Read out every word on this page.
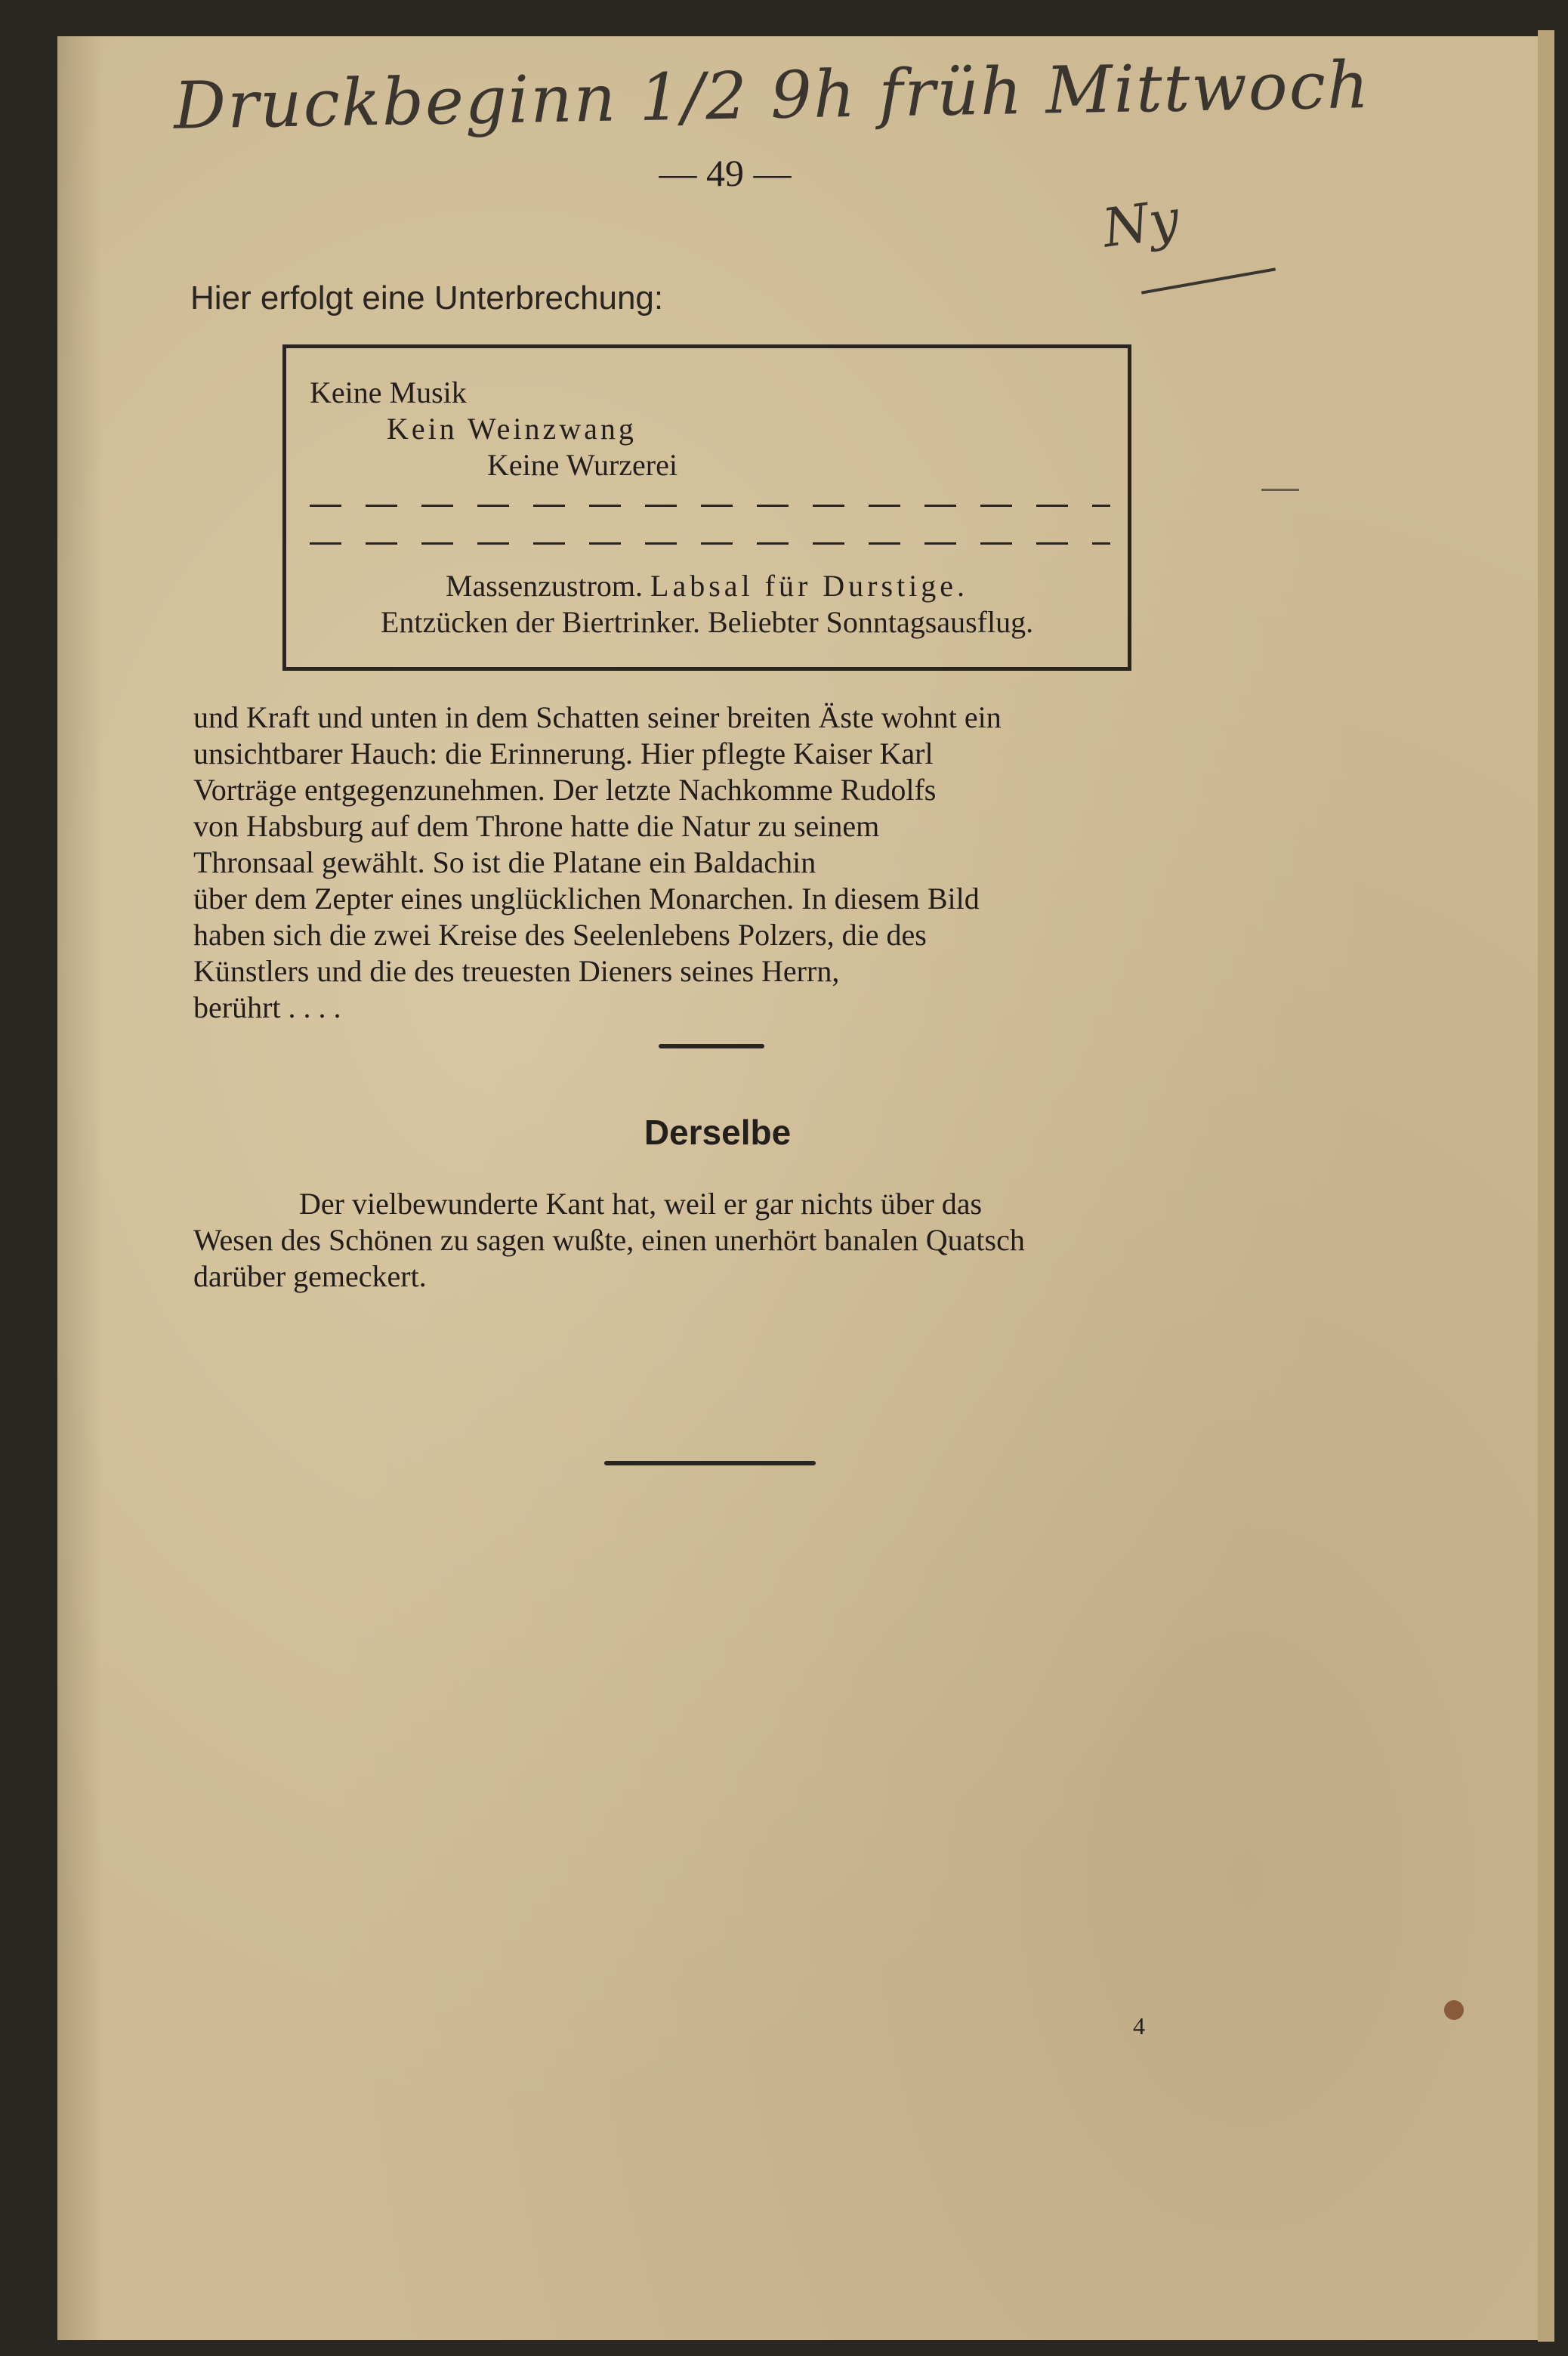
Druckbeginn 1/2 9h früh Mittwoch
Ny
— 49 —
Hier erfolgt eine Unterbrechung:
Keine Musik
Kein Weinzwang
Keine Wurzerei
Massenzustrom. Labsal für Durstige.
Entzücken der Biertrinker. Beliebter Sonntagsausflug.
und Kraft und unten in dem Schatten seiner breiten Äste wohnt ein
unsichtbarer Hauch: die Erinnerung. Hier pflegte Kaiser Karl
Vorträge entgegenzunehmen. Der letzte Nachkomme Rudolfs
von Habsburg auf dem Throne hatte die Natur zu seinem
Thronsaal gewählt. So ist die Platane ein Baldachin
über dem Zepter eines unglücklichen Monarchen. In diesem Bild
haben sich die zwei Kreise des Seelenlebens Polzers, die des
Künstlers und die des treuesten Dieners seines Herrn,
berührt . . . .
Derselbe
Der vielbewunderte Kant hat, weil er gar nichts über das
Wesen des Schönen zu sagen wußte, einen unerhört banalen Quatsch
darüber gemeckert.
4
